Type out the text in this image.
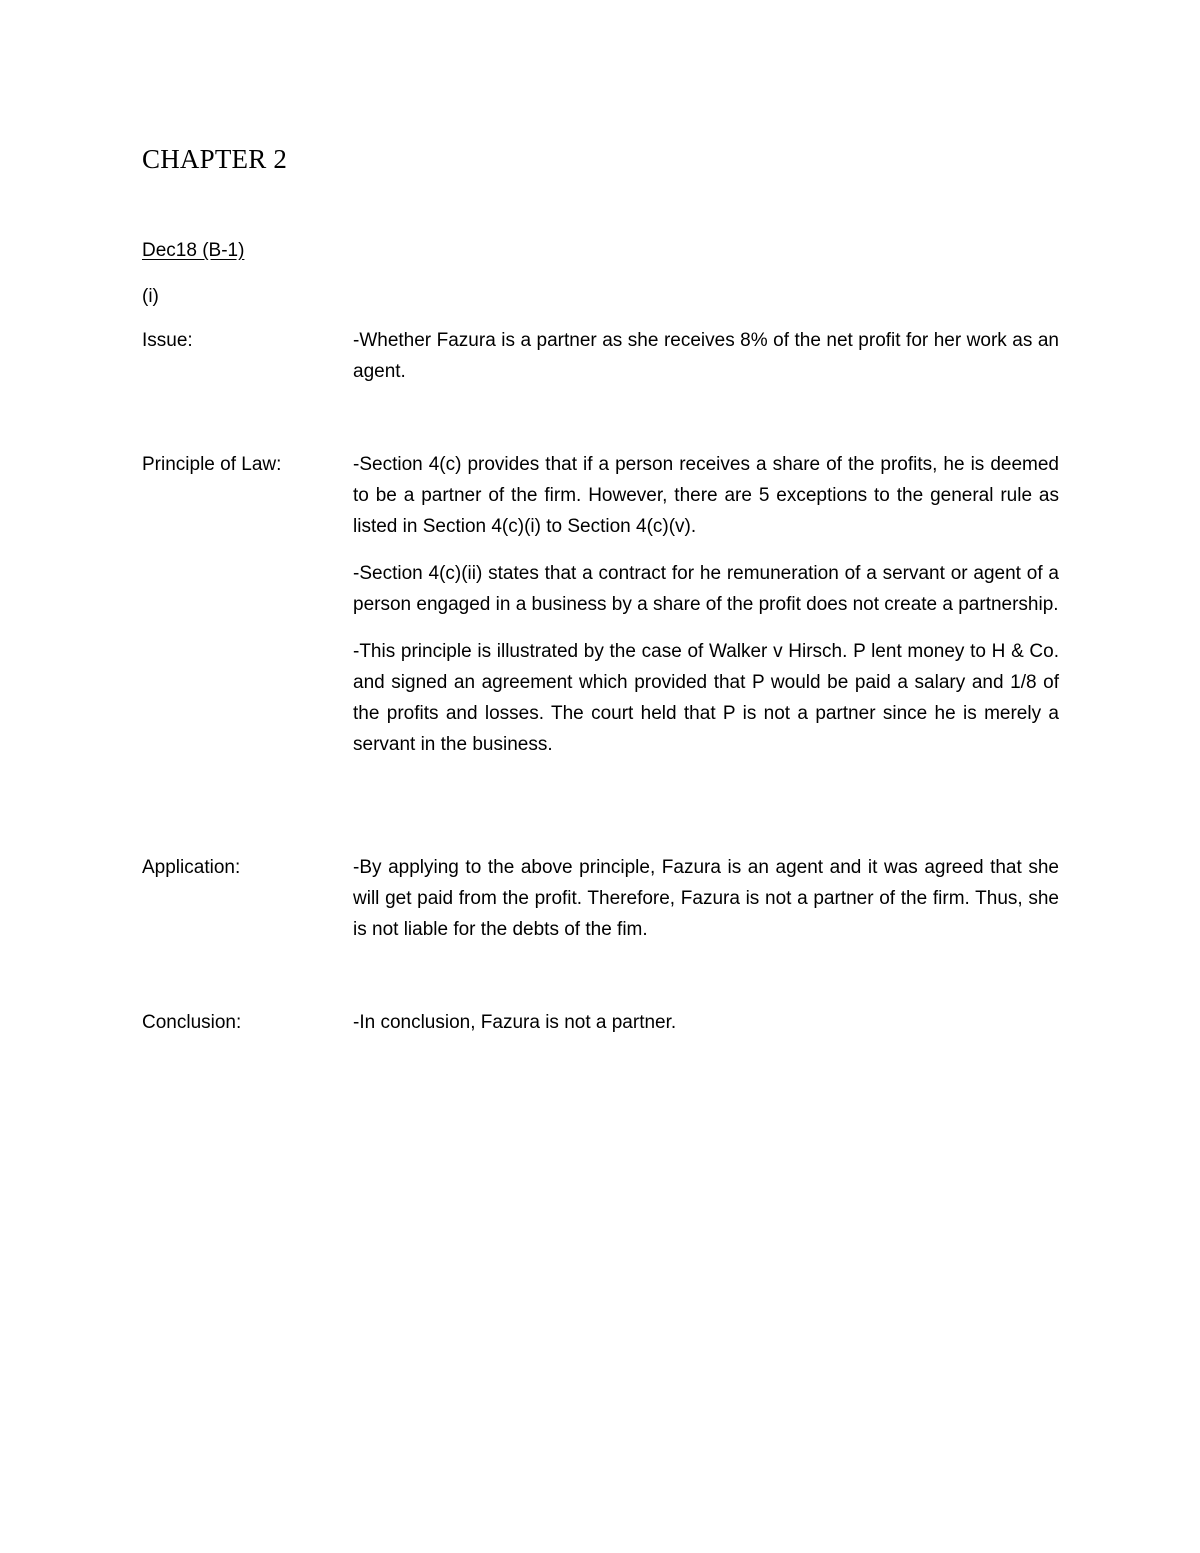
CHAPTER 2
Dec18 (B-1)
(i)
Issue:	-Whether Fazura is a partner as she receives 8% of the net profit for her work as an agent.

Principle of Law:	-Section 4(c) provides that if a person receives a share of the profits, he is deemed to be a partner of the firm. However, there are 5 exceptions to the general rule as listed in Section 4(c)(i) to Section 4(c)(v).

-Section 4(c)(ii) states that a contract for he remuneration of a servant or agent of a person engaged in a business by a share of the profit does not create a partnership.

-This principle is illustrated by the case of Walker v Hirsch. P lent money to H & Co. and signed an agreement which provided that P would be paid a salary and 1/8 of the profits and losses. The court held that P is not a partner since he is merely a servant in the business.

Application:	-By applying to the above principle, Fazura is an agent and it was agreed that she will get paid from the profit. Therefore, Fazura is not a partner of the firm. Thus, she is not liable for the debts of the fim.

Conclusion:	-In conclusion, Fazura is not a partner.
